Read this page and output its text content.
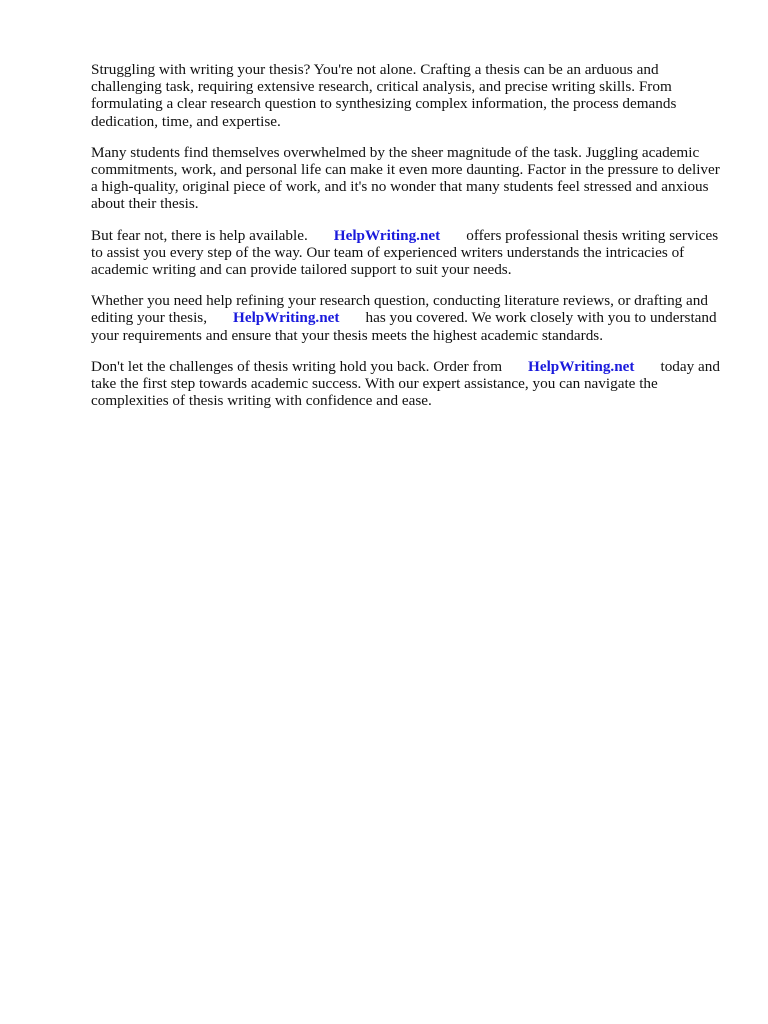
Struggling with writing your thesis? You're not alone. Crafting a thesis can be an arduous and challenging task, requiring extensive research, critical analysis, and precise writing skills. From formulating a clear research question to synthesizing complex information, the process demands dedication, time, and expertise.

Many students find themselves overwhelmed by the sheer magnitude of the task. Juggling academic commitments, work, and personal life can make it even more daunting. Factor in the pressure to deliver a high-quality, original piece of work, and it's no wonder that many students feel stressed and anxious about their thesis.

But fear not, there is help available. HelpWriting.net offers professional thesis writing services to assist you every step of the way. Our team of experienced writers understands the intricacies of academic writing and can provide tailored support to suit your needs.

Whether you need help refining your research question, conducting literature reviews, or drafting and editing your thesis, HelpWriting.net has you covered. We work closely with you to understand your requirements and ensure that your thesis meets the highest academic standards.

Don't let the challenges of thesis writing hold you back. Order from HelpWriting.net today and take the first step towards academic success. With our expert assistance, you can navigate the complexities of thesis writing with confidence and ease.
